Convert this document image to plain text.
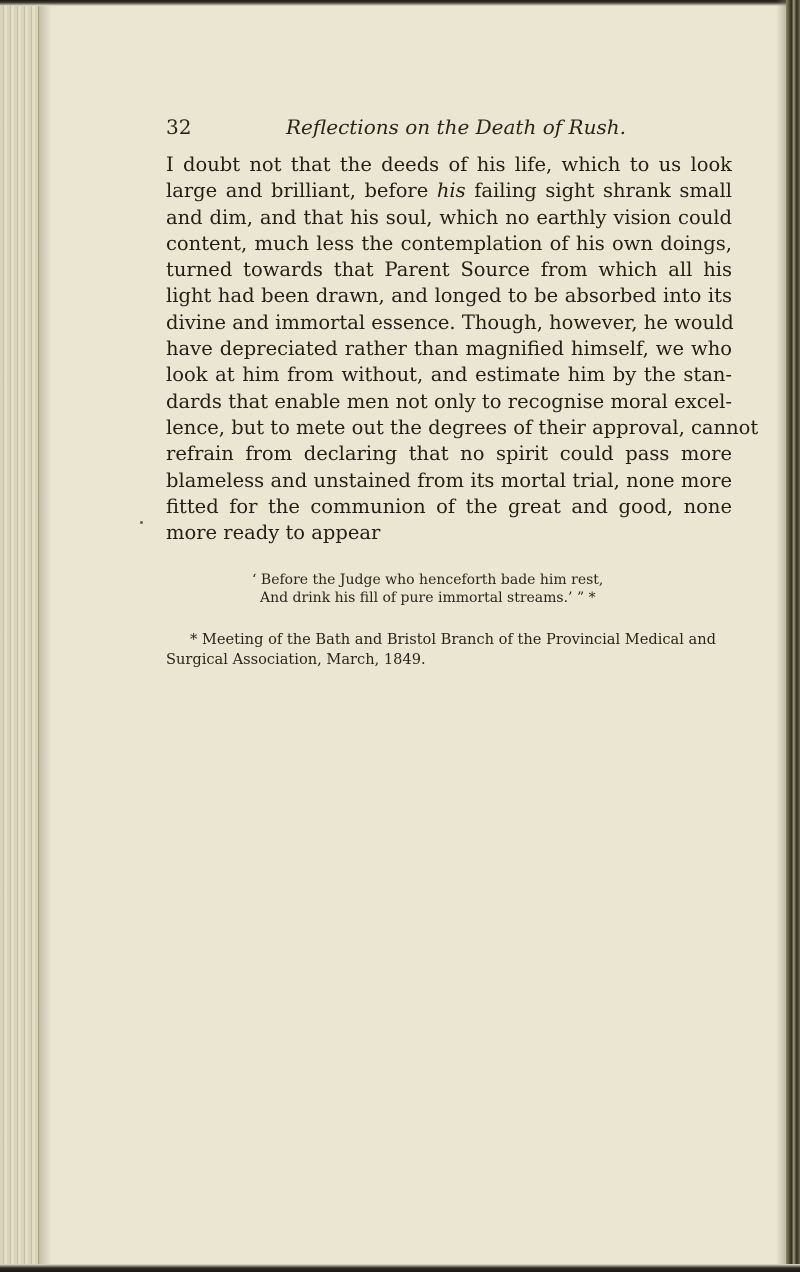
32	Reflections on the Death of Rush.
I doubt not that the deeds of his life, which to us look
large and brilliant, before his failing sight shrank small
and dim, and that his soul, which no earthly vision could
content, much less the contemplation of his own doings,
turned towards that Parent Source from which all his
light had been drawn, and longed to be absorbed into its
divine and immortal essence. Though, however, he would
have depreciated rather than magnified himself, we who
look at him from without, and estimate him by the stan-
dards that enable men not only to recognise moral excel-
lence, but to mete out the degrees of their approval, cannot
refrain from declaring that no spirit could pass more
blameless and unstained from its mortal trial, none more
fitted for the communion of the great and good, none
more ready to appear
‘ Before the Judge who henceforth bade him rest,
And drink his fill of pure immortal streams.’ ” *
* Meeting of the Bath and Bristol Branch of the Provincial Medical and
Surgical Association, March, 1849.
